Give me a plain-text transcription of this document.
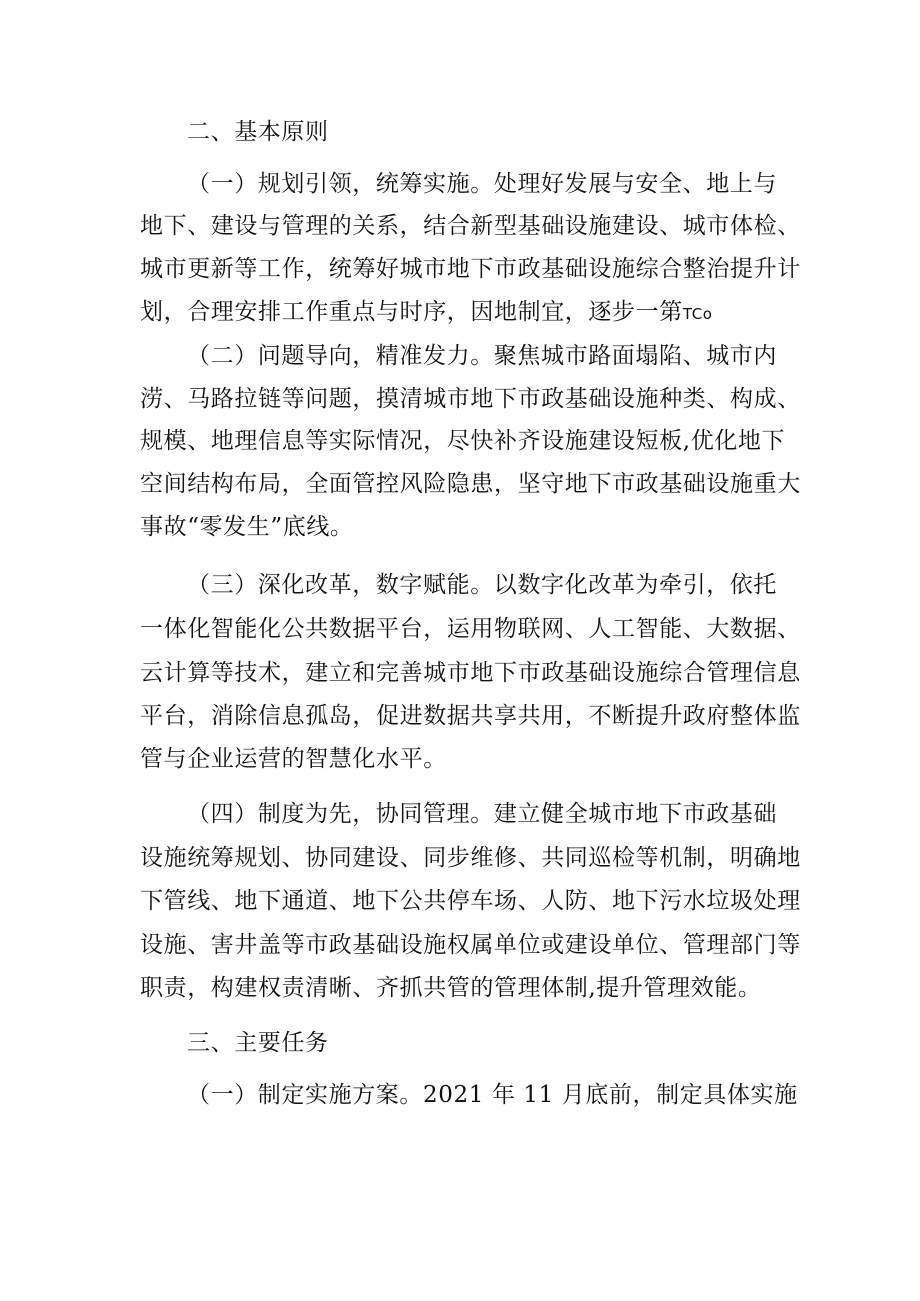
二、基本原则
（一）规划引领，统筹实施。处理好发展与安全、地上与
地下、建设与管理的关系，结合新型基础设施建设、城市体检、
城市更新等工作，统筹好城市地下市政基础设施综合整治提升计
划，合理安排工作重点与时序，因地制宜，逐步一第TCo
（二）问题导向，精准发力。聚焦城市路面塌陷、城市内
涝、马路拉链等问题，摸清城市地下市政基础设施种类、构成、
规模、地理信息等实际情况，尽快补齐设施建设短板,优化地下
空间结构布局，全面管控风险隐患，坚守地下市政基础设施重大
事故“零发生”底线。
（三）深化改革，数字赋能。以数字化改革为牵引，依托
一体化智能化公共数据平台，运用物联网、人工智能、大数据、
云计算等技术，建立和完善城市地下市政基础设施综合管理信息
平台，消除信息孤岛，促进数据共享共用，不断提升政府整体监
管与企业运营的智慧化水平。
（四）制度为先，协同管理。建立健全城市地下市政基础
设施统筹规划、协同建设、同步维修、共同巡检等机制，明确地
下管线、地下通道、地下公共停车场、人防、地下污水垃圾处理
设施、害井盖等市政基础设施权属单位或建设单位、管理部门等
职责，构建权责清晰、齐抓共管的管理体制,提升管理效能。
三、主要任务
（一）制定实施方案。2021 年 11 月底前，制定具体实施
